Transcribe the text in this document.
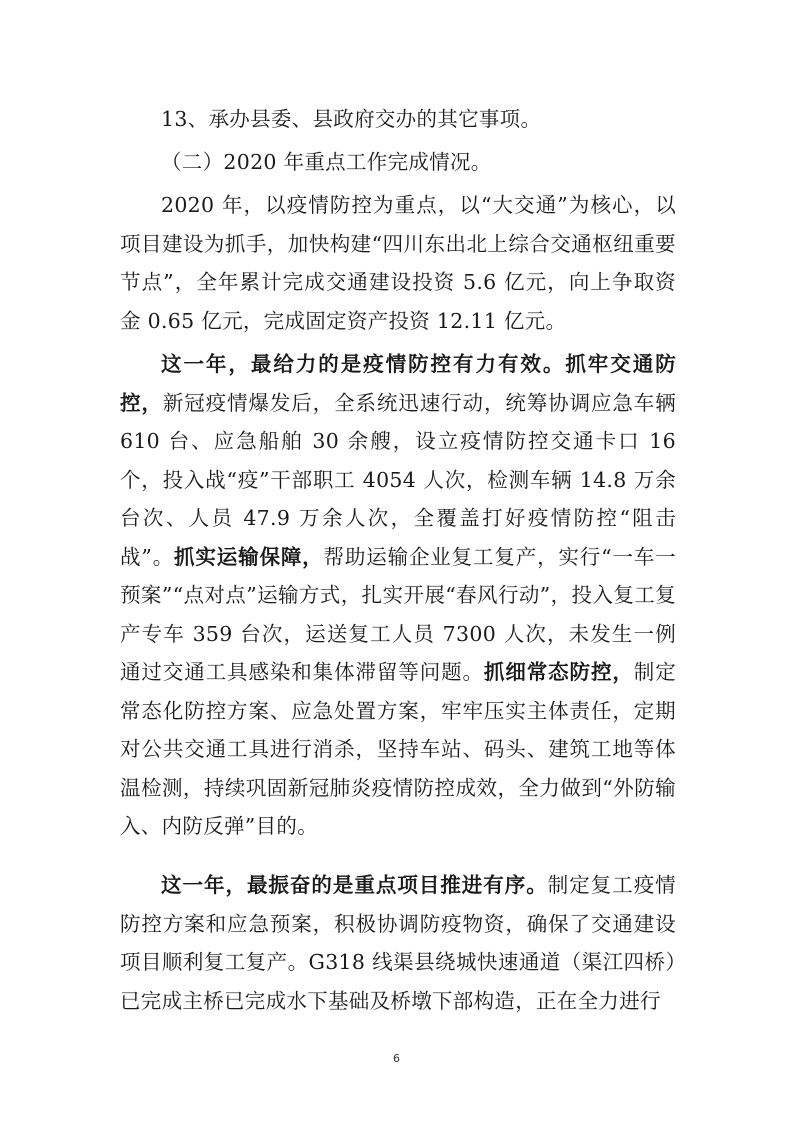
13、承办县委、县政府交办的其它事项。

（二）2020 年重点工作完成情况。

2020 年，以疫情防控为重点，以“大交通”为核心，以项目建设为抓手，加快构建“四川东出北上综合交通枢纽重要节点”，全年累计完成交通建设投资 5.6 亿元，向上争取资金 0.65 亿元，完成固定资产投资 12.11 亿元。

这一年，最给力的是疫情防控有力有效。抓牢交通防控，新冠疫情爆发后，全系统迅速行动，统筹协调应急车辆 610 台、应急船舶 30 余艘，设立疫情防控交通卡口 16 个，投入战“疫”干部职工 4054 人次，检测车辆 14.8 万余台次、人员 47.9 万余人次，全覆盖打好疫情防控“阻击战”。抓实运输保障，帮助运输企业复工复产，实行“一车一预案”“点对点”运输方式，扎实开展“春风行动”，投入复工复产专车 359 台次，运送复工人员 7300 人次，未发生一例通过交通工具感染和集体滞留等问题。抓细常态防控，制定常态化防控方案、应急处置方案，牢牢压实主体责任，定期对公共交通工具进行消杀，坚持车站、码头、建筑工地等体温检测，持续巩固新冠肺炎疫情防控成效，全力做到“外防输入、内防反弹”目的。

这一年，最振奋的是重点项目推进有序。制定复工疫情防控方案和应急预案，积极协调防疫物资，确保了交通建设项目顺利复工复产。G318 线渠县绕城快速通道（渠江四桥）已完成主桥已完成水下基础及桥墩下部构造，正在全力进行

6
